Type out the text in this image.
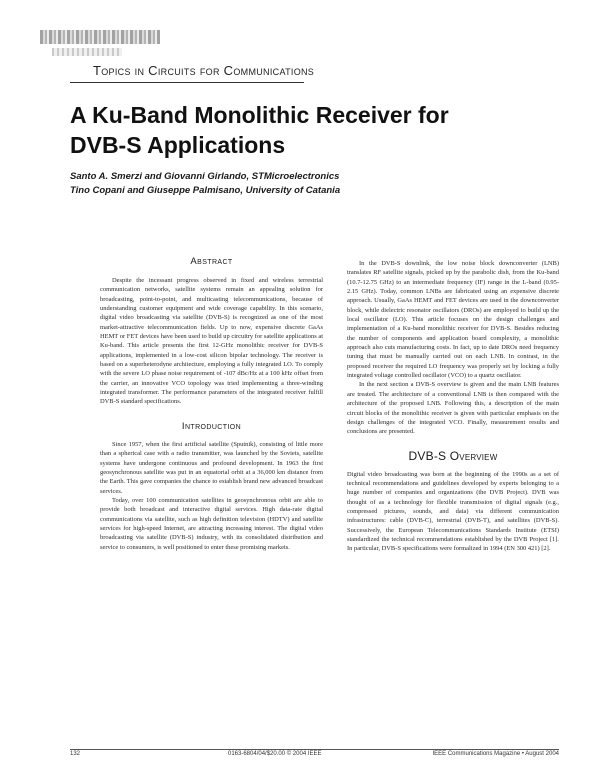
Topics in Circuits for Communications
A Ku-Band Monolithic Receiver for
DVB-S Applications
Santo A. Smerzi and Giovanni Girlando, STMicroelectronics
Tino Copani and Giuseppe Palmisano, University of Catania
Abstract

Despite the incessant progress observed in fixed and wireless terrestrial communication networks, satellite systems remain an appealing solution for broadcasting, point-to-point, and multicasting telecommunications, because of understanding customer equipment and wide coverage capability. In this scenario, digital video broadcasting via satellite (DVB-S) is recognized as one of the most market-attractive telecommunication fields. Up to now, expensive discrete GaAs HEMT or FET devices have been used to build up circuitry for satellite applications at Ku-band. This article presents the first 12-GHz monolithic receiver for DVB-S applications, implemented in a low-cost silicon bipolar technology. The receiver is based on a superheterodyne architecture, employing a fully integrated LO. To comply with the severe LO phase noise requirement of -107 dBc/Hz at a 100 kHz offset from the carrier, an innovative VCO topology was tried implementing a three-winding integrated transformer. The performance parameters of the integrated receiver fulfill DVB-S standard specifications.

Introduction

Since 1957, when the first artificial satellite (Sputnik), consisting of little more than a spherical case with a radio transmitter, was launched by the Soviets, satellite systems have undergone continuous and profound development. In 1963 the first geosynchronous satellite was put in an equatorial orbit at a 36,000 km distance from the Earth. This gave companies the chance to establish brand new advanced broadcast services.

Today, over 100 communication satellites in geosynchronous orbit are able to provide both broadcast and interactive digital services. High data-rate digital communications via satellite, such as high definition television (HDTV) and satellite services for high-speed Internet, are attracting increasing interest. The digital video broadcasting via satellite (DVB-S) industry, with its consolidated distribution and service to consumers, is well positioned to enter these promising markets.

In the DVB-S downlink, the low noise block downconverter (LNB) translates RF satellite signals, picked up by the parabolic dish, from the Ku-band (10.7-12.75 GHz) to an intermediate frequency (IF) range in the L-band (0.95-2.15 GHz). Today, common LNBs are fabricated using an expensive discrete approach. Usually, GaAs HEMT and FET devices are used in the downconverter block, while dielectric resonator oscillators (DROs) are employed to build up the local oscillator (LO). This article focuses on the design challenges and implementation of a Ku-band monolithic receiver for DVB-S. Besides reducing the number of components and application board complexity, a monolithic approach also cuts manufacturing costs. In fact, up to date DROs need frequency tuning that must be manually carried out on each LNB. In contrast, in the proposed receiver the required LO frequency was properly set by locking a fully integrated voltage controlled oscillator (VCO) to a quartz oscillator.

In the next section a DVB-S overview is given and the main LNB features are treated. The architecture of a conventional LNB is then compared with the architecture of the proposed LNB. Following this, a description of the main circuit blocks of the monolithic receiver is given with particular emphasis on the design challenges of the integrated VCO. Finally, measurement results and conclusions are presented.

DVB-S Overview

Digital video broadcasting was born at the beginning of the 1990s as a set of technical recommendations and guidelines developed by experts belonging to a huge number of companies and organizations (the DVB Project). DVB was thought of as a technology for flexible transmission of digital signals (e.g., compressed pictures, sounds, and data) via different communication infrastructures: cable (DVB-C), terrestrial (DVB-T), and satellites (DVB-S). Successively, the European Telecommunications Standards Institute (ETSI) standardized the technical recommendations established by the DVB Project [1]. In particular, DVB-S specifications were formalized in 1994 (EN 300 421) [2].

132	0163-6804/04/$20.00 © 2004 IEEE	IEEE Communications Magazine • August 2004
